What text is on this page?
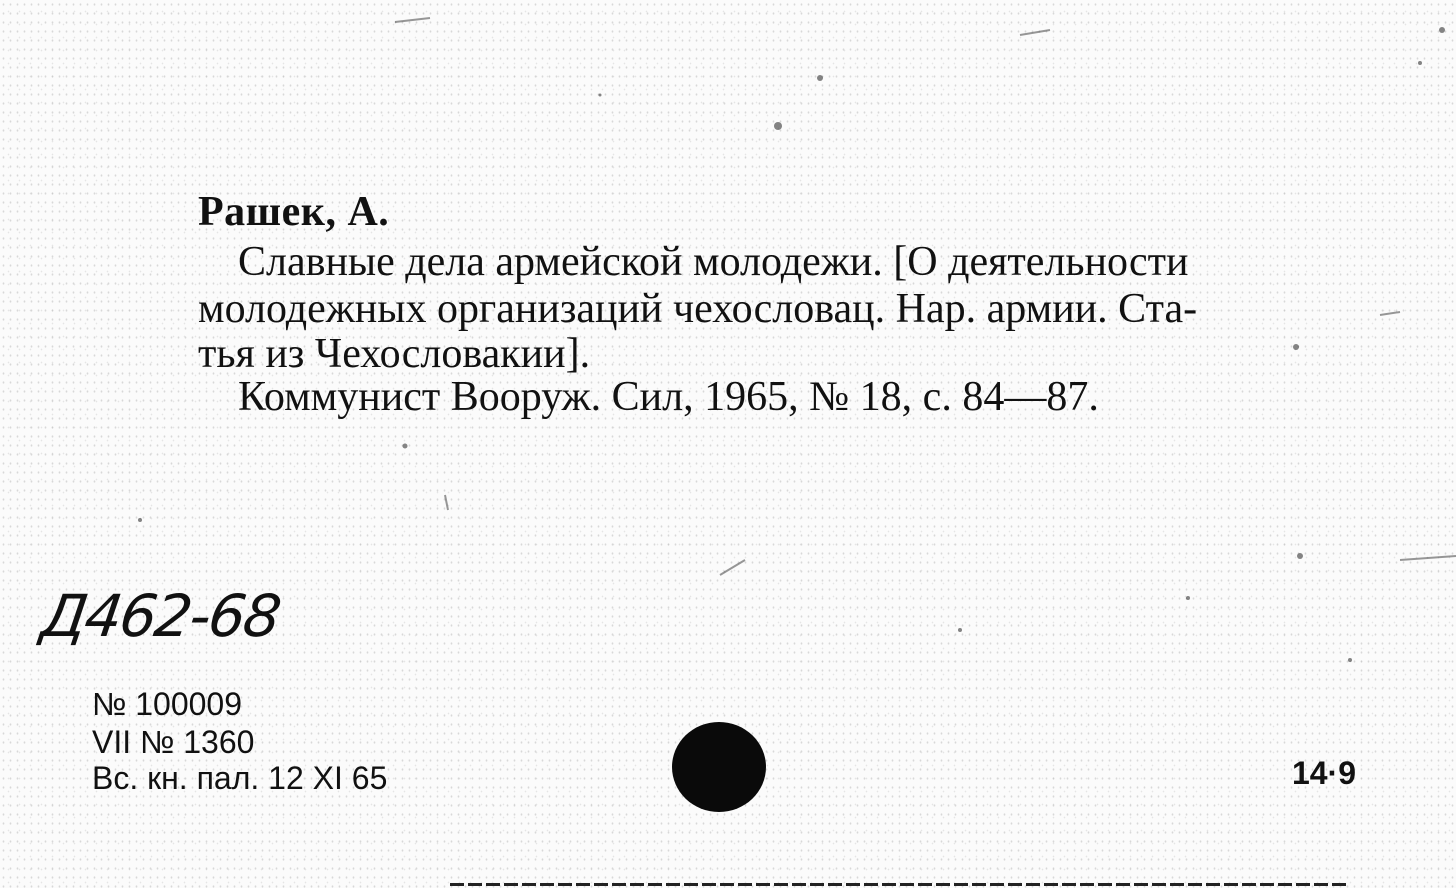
Рашек, А.
Славные дела армейской молодежи. [О деятельности
молодежных организаций чехословац. Нар. армии. Ста-
тья из Чехословакии].
Коммунист Вооруж. Сил, 1965, № 18, с. 84—87.
Д462-68
№ 100009
VII № 1360
Вс. кн. пал. 12 XI 65	14·9
